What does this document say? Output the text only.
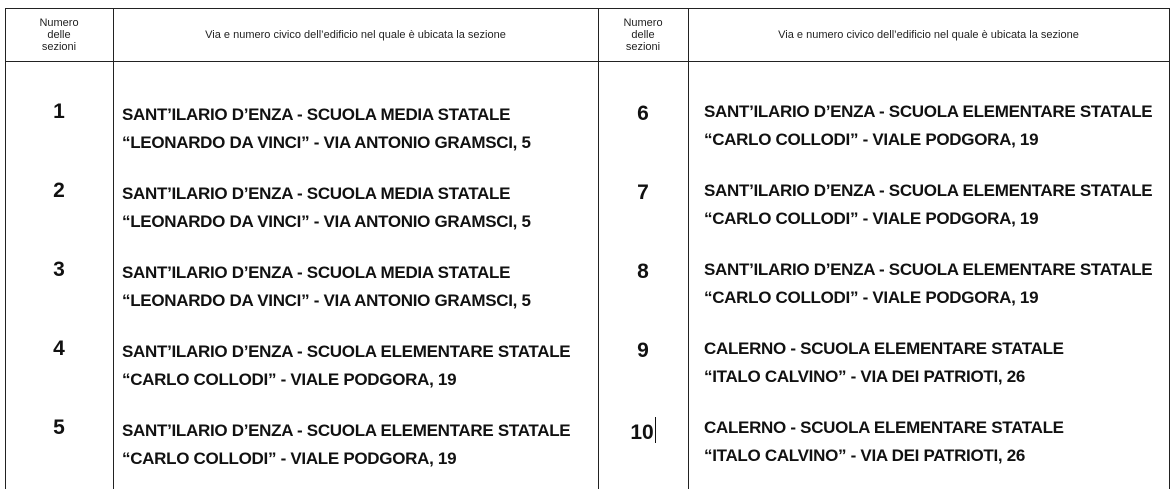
Numero
delle
sezioni
Via e numero civico dell’edificio nel quale è ubicata la sezione
Numero
delle
sezioni
Via e numero civico dell’edificio nel quale è ubicata la sezione
1	SANT’ILARIO D’ENZA - SCUOLA MEDIA STATALE
“LEONARDO DA VINCI” - VIA ANTONIO GRAMSCI, 5
2	SANT’ILARIO D’ENZA - SCUOLA MEDIA STATALE
“LEONARDO DA VINCI” - VIA ANTONIO GRAMSCI, 5
3	SANT’ILARIO D’ENZA - SCUOLA MEDIA STATALE
“LEONARDO DA VINCI” - VIA ANTONIO GRAMSCI, 5
4	SANT’ILARIO D’ENZA - SCUOLA ELEMENTARE STATALE
“CARLO COLLODI” - VIALE PODGORA, 19
5	SANT’ILARIO D’ENZA - SCUOLA ELEMENTARE STATALE
“CARLO COLLODI” - VIALE PODGORA, 19
6	SANT’ILARIO D’ENZA - SCUOLA ELEMENTARE STATALE
“CARLO COLLODI” - VIALE PODGORA, 19
7	SANT’ILARIO D’ENZA - SCUOLA ELEMENTARE STATALE
“CARLO COLLODI” - VIALE PODGORA, 19
8	SANT’ILARIO D’ENZA - SCUOLA ELEMENTARE STATALE
“CARLO COLLODI” - VIALE PODGORA, 19
9	CALERNO - SCUOLA ELEMENTARE STATALE
“ITALO CALVINO” - VIA DEI PATRIOTI, 26
10	CALERNO - SCUOLA ELEMENTARE STATALE
“ITALO CALVINO” - VIA DEI PATRIOTI, 26
